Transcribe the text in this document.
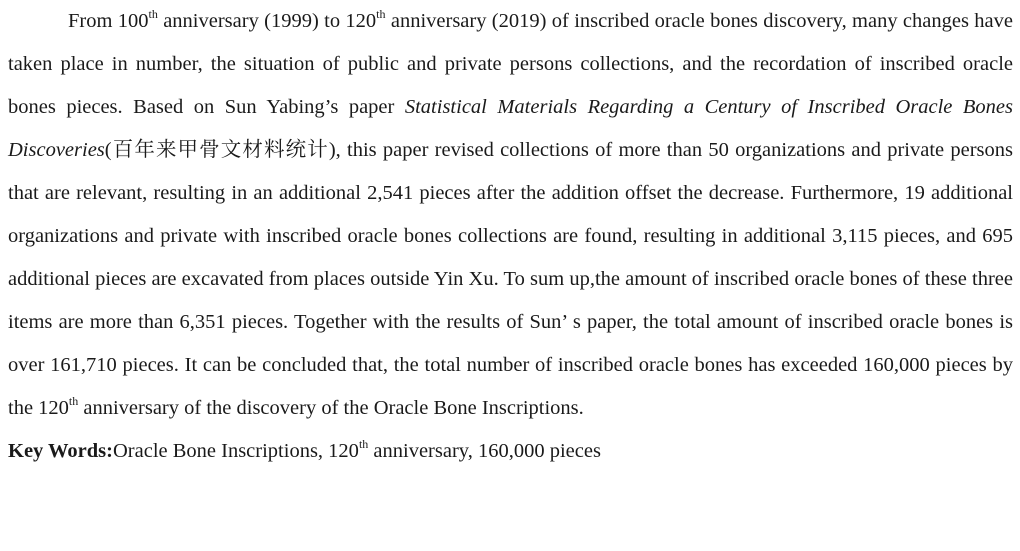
From 100th anniversary (1999) to 120th anniversary (2019) of inscribed oracle bones discovery, many changes have taken place in number, the situation of public and private persons collections, and the recordation of inscribed oracle bones pieces. Based on Sun Yabing’s paper Statistical Materials Regarding a Century of Inscribed Oracle Bones Discoveries(百年来甲骨文材料统计), this paper revised collections of more than 50 organizations and private persons that are relevant, resulting in an additional 2,541 pieces after the addition offset the decrease. Furthermore, 19 additional organizations and private with inscribed oracle bones collections are found, resulting in additional 3,115 pieces, and 695 additional pieces are excavated from places outside Yin Xu. To sum up,the amount of inscribed oracle bones of these three items are more than 6,351 pieces. Together with the results of Sun’ s paper, the total amount of inscribed oracle bones is over 161,710 pieces. It can be concluded that, the total number of inscribed oracle bones has exceeded 160,000 pieces by the 120th anniversary of the discovery of the Oracle Bone Inscriptions.

Key Words:Oracle Bone Inscriptions, 120th anniversary, 160,000 pieces
